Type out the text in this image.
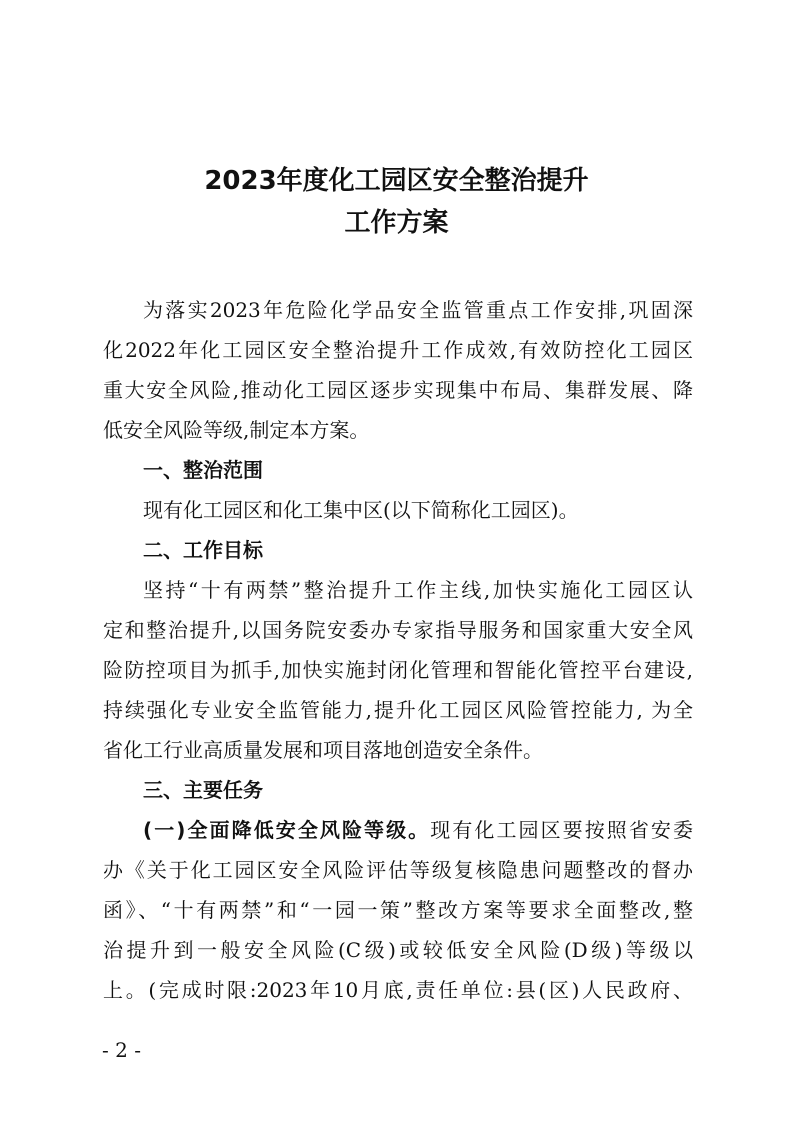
2023年度化工园区安全整治提升
工作方案
为落实2023年危险化学品安全监管重点工作安排,巩固深
化2022年化工园区安全整治提升工作成效,有效防控化工园区
重大安全风险,推动化工园区逐步实现集中布局、集群发展、降
低安全风险等级,制定本方案。
一、整治范围
现有化工园区和化工集中区(以下简称化工园区)。
二、工作目标
坚持“十有两禁”整治提升工作主线,加快实施化工园区认
定和整治提升,以国务院安委办专家指导服务和国家重大安全风
险防控项目为抓手,加快实施封闭化管理和智能化管控平台建设,
持续强化专业安全监管能力,提升化工园区风险管控能力, 为全
省化工行业高质量发展和项目落地创造安全条件。
三、主要任务
(一)全面降低安全风险等级。现有化工园区要按照省安委
办《关于化工园区安全风险评估等级复核隐患问题整改的督办
函》、“十有两禁”和“一园一策”整改方案等要求全面整改,整
治提升到一般安全风险(C级)或较低安全风险(D级)等级以
上。(完成时限:2023年10月底,责任单位:县(区)人民政府、
- 2 -
